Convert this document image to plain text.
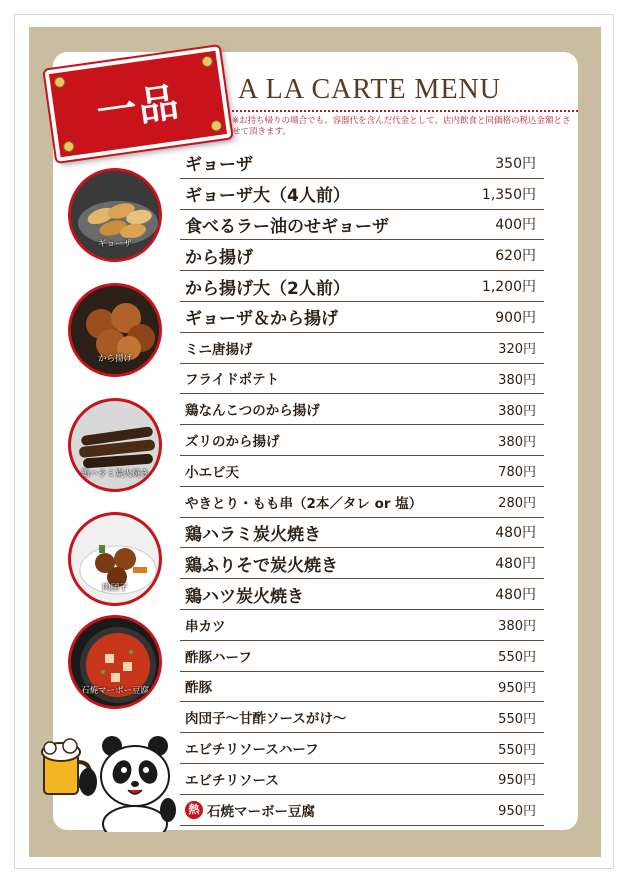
一品 A LA CARTE MENU
※お持ち帰りの場合でも、容器代を含んだ代金として、店内飲食と同価格の税込金額とさせて頂きます。
ギョーザ
から揚げ
鶏ハラミ炭火焼き
肉団子
石焼マーボー豆腐
ギョーザ	350円
ギョーザ大（4人前）	1,350円
食べるラー油のせギョーザ	400円
から揚げ	620円
から揚げ大（2人前）	1,200円
ギョーザ＆から揚げ	900円
ミニ唐揚げ	320円
フライドポテト	380円
鶏なんこつのから揚げ	380円
ズリのから揚げ	380円
小エビ天	780円
やきとり・もも串（2本／タレ or 塩）	280円
鶏ハラミ炭火焼き	480円
鶏ふりそで炭火焼き	480円
鶏ハツ炭火焼き	480円
串カツ	380円
酢豚ハーフ	550円
酢豚	950円
肉団子～甘酢ソースがけ～	550円
エビチリソースハーフ	550円
エビチリソース	950円
熱 石焼マーボー豆腐	950円
